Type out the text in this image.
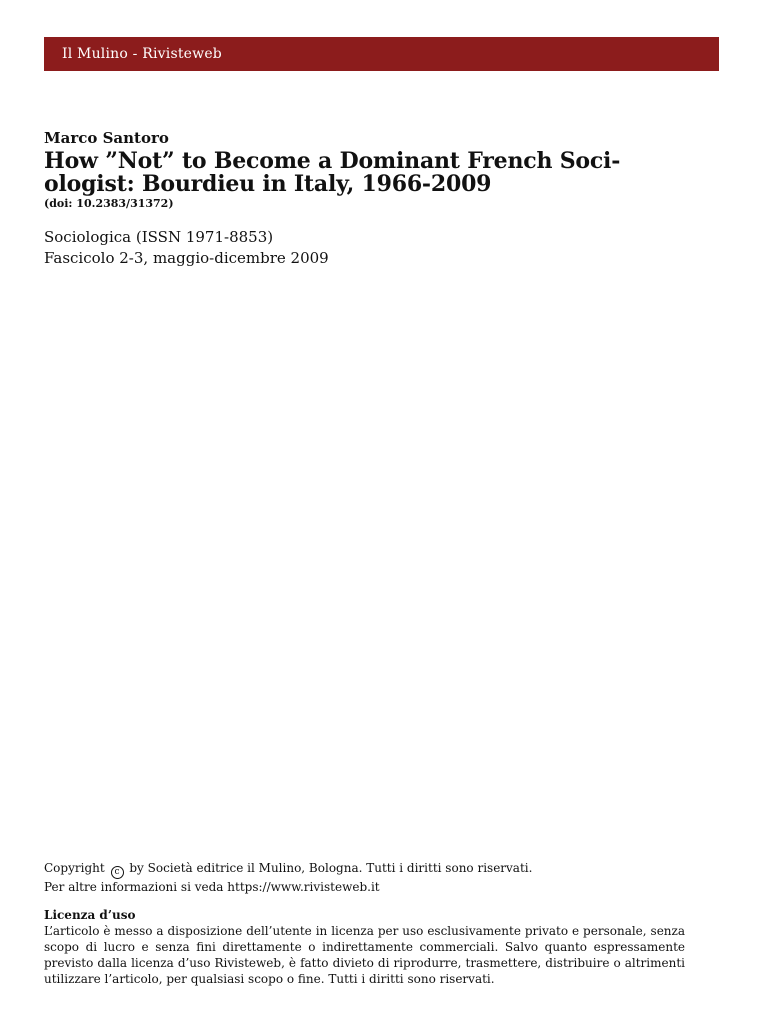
Il Mulino - Rivisteweb

Marco Santoro

How ”Not” to Become a Dominant French Soci-
ologist: Bourdieu in Italy, 1966-2009

(doi: 10.2383/31372)

Sociologica (ISSN 1971-8853)
Fascicolo 2-3, maggio-dicembre 2009
Copyright c by Società editrice il Mulino, Bologna. Tutti i diritti sono riservati.
Per altre informazioni si veda https://www.rivisteweb.it
Licenza d’uso
L’articolo è messo a disposizione dell’utente in licenza per uso esclusivamente privato e personale, senza scopo di lucro e senza fini direttamente o indirettamente commerciali. Salvo quanto espressamente previsto dalla licenza d’uso Rivisteweb, è fatto divieto di riprodurre, trasmettere, distribuire o altrimenti utilizzare l’articolo, per qualsiasi scopo o fine. Tutti i diritti sono riservati.
